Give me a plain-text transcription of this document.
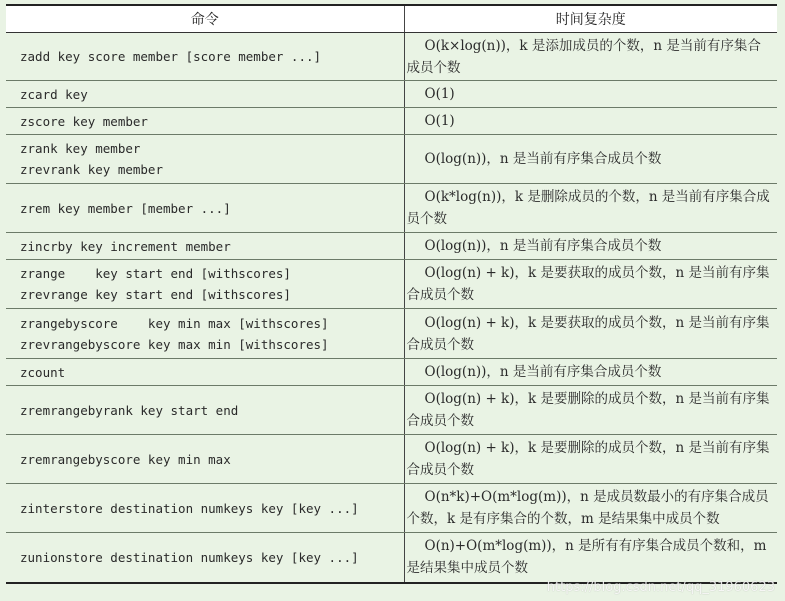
命令	时间复杂度

zadd key score member [score member ...]	O(k×log(n))，k 是添加成员的个数，n 是当前有序集合成员个数

zcard key	O(1)

zscore key member	O(1)

zrank key member
zrevrank key member	O(log(n))，n 是当前有序集合成员个数

zrem key member [member ...]	O(k*log(n))，k 是删除成员的个数，n 是当前有序集合成员个数

zincrby key increment member	O(log(n))，n 是当前有序集合成员个数

zrange    key start end [withscores]
zrevrange key start end [withscores]	O(log(n) + k)，k 是要获取的成员个数，n 是当前有序集合成员个数

zrangebyscore    key min max [withscores]
zrevrangebyscore key max min [withscores]	O(log(n) + k)，k 是要获取的成员个数，n 是当前有序集合成员个数

zcount	O(log(n))，n 是当前有序集合成员个数

zremrangebyrank key start end	O(log(n) + k)，k 是要删除的成员个数，n 是当前有序集合成员个数

zremrangebyscore key min max	O(log(n) + k)，k 是要删除的成员个数，n 是当前有序集合成员个数

zinterstore destination numkeys key [key ...]	O(n*k)+O(m*log(m))，n 是成员数最小的有序集合成员个数，k 是有序集合的个数，m 是结果集中成员个数

zunionstore destination numkeys key [key ...]	O(n)+O(m*log(m))，n 是所有有序集合成员个数和，m 是结果集中成员个数
https://blog.csdn.net/qq_31960623
